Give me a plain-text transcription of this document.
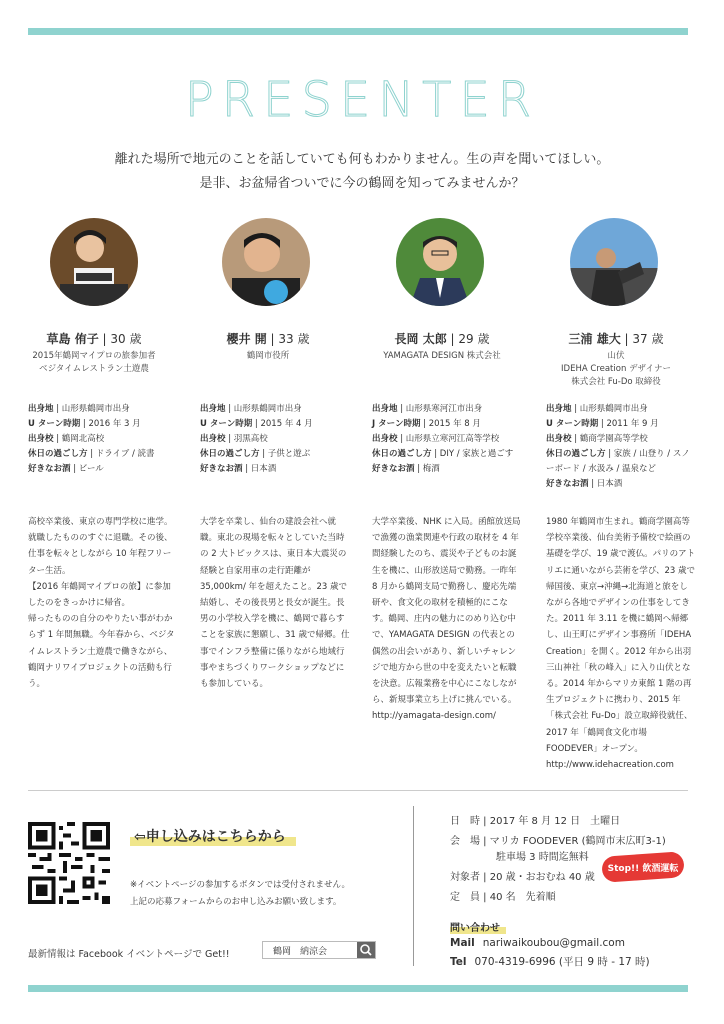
PRESENTER
離れた場所で地元のことを話していても何もわかりません。生の声を聞いてほしい。
是非、お盆帰省ついでに今の鶴岡を知ってみませんか？
草島 侑子 | 30 歳
2015年鶴岡マイプロの旅参加者
ベジタイムレストラン土遊農
櫻井 開 | 33 歳
鶴岡市役所
長岡 太郎 | 29 歳
YAMAGATA DESIGN 株式会社
三浦 雄大 | 37 歳
山伏
IDEHA Creation デザイナー
株式会社 Fu-Do 取締役
出身地 | 山形県鶴岡市出身
U ターン時期 | 2016 年 3 月
出身校 | 鶴岡北高校
休日の過ごし方 | ドライブ / 読書
好きなお酒 | ビール
出身地 | 山形県鶴岡市出身
U ターン時期 | 2015 年 4 月
出身校 | 羽黒高校
休日の過ごし方 | 子供と遊ぶ
好きなお酒 | 日本酒
出身地 | 山形県寒河江市出身
J ターン時期 | 2015 年 8 月
出身校 | 山形県立寒河江高等学校
休日の過ごし方 | DIY / 家族と過ごす
好きなお酒 | 梅酒
出身地 | 山形県鶴岡市出身
U ターン時期 | 2011 年 9 月
出身校 | 鶴商学園高等学校
休日の過ごし方 | 家族 / 山登り / スノーボード / 水汲み / 温泉など
好きなお酒 | 日本酒

高校卒業後、東京の専門学校に進学。就職したもののすぐに退職。その後、仕事を転々としながら 10 年程フリーター生活。

【2016 年鶴岡マイプロの旅】に参加したのをきっかけに帰省。

帰ったものの自分のやりたい事がわからず 1 年間無職。今年春から、ベジタイムレストラン土遊農で働きながら、鶴岡ナリワイプロジェクトの活動も行う。

大学を卒業し、仙台の建設会社へ就職。東北の現場を転々としていた当時の 2 大トピックスは、東日本大震災の経験と自家用車の走行距離が 35,000km/ 年を超えたこと。23 歳で結婚し、その後長男と長女が誕生。長男の小学校入学を機に、鶴岡で暮らすことを家族に懇願し、31 歳で帰郷。仕事でインフラ整備に係りながら地域行事やまちづくりワークショップなどにも参加している。

大学卒業後、NHK に入局。函館放送局で漁獲の漁業関連や行政の取材を 4 年間経験したのち、震災や子どものお誕生を機に、山形放送局で勤務。一昨年 8 月から鶴岡支局で勤務し、慶応先端研や、食文化の取材を積極的にこなす。鶴岡、庄内の魅力にのめり込む中で、YAMAGATA DESIGN の代表との偶然の出会いがあり、新しいチャレンジで地方から世の中を変えたいと転職を決意。広報業務を中心にこなしながら、新規事業立ち上げに挑んでいる。

http://yamagata-design.com/

1980 年鶴岡市生まれ。鶴商学園高等学校卒業後、仙台美術予備校で絵画の基礎を学び、19 歳で渡仏。パリのアトリエに通いながら芸術を学び、23 歳で帰国後、東京→沖縄→北海道と旅をしながら各地でデザインの仕事をしてきた。2011 年 3.11 を機に鶴岡へ帰郷し、山王町にデザイン事務所「IDEHA Creation」を開く。2012 年から出羽三山神社「秋の峰入」に入り山伏となる。2014 年からマリカ東館 1 階の再生プロジェクトに携わり、2015 年「株式会社 Fu-Do」設立取締役就任、2017 年「鶴岡食文化市場 FOODEVER」オープン。

http://www.idehacreation.com

⇦申し込みはこちらから
※イベントページの参加するボタンでは受付されません。
上記の応募フォームからのお申し込みお願い致します。
最新情報は Facebook イベントページで Get!!	鶴岡　納涼会
日　時 | 2017 年 8 月 12 日　土曜日
会　場 | マリカ FOODEVER (鶴岡市末広町3-1)
駐車場 3 時間迄無料
対象者 | 20 歳・おおむね 40 歳
定　員 | 40 名　先着順
Stop!! 飲酒運転
問い合わせ
Mail nariwaikoubou@gmail.com
Tel 070-4319-6996 (平日 9 時 - 17 時)
